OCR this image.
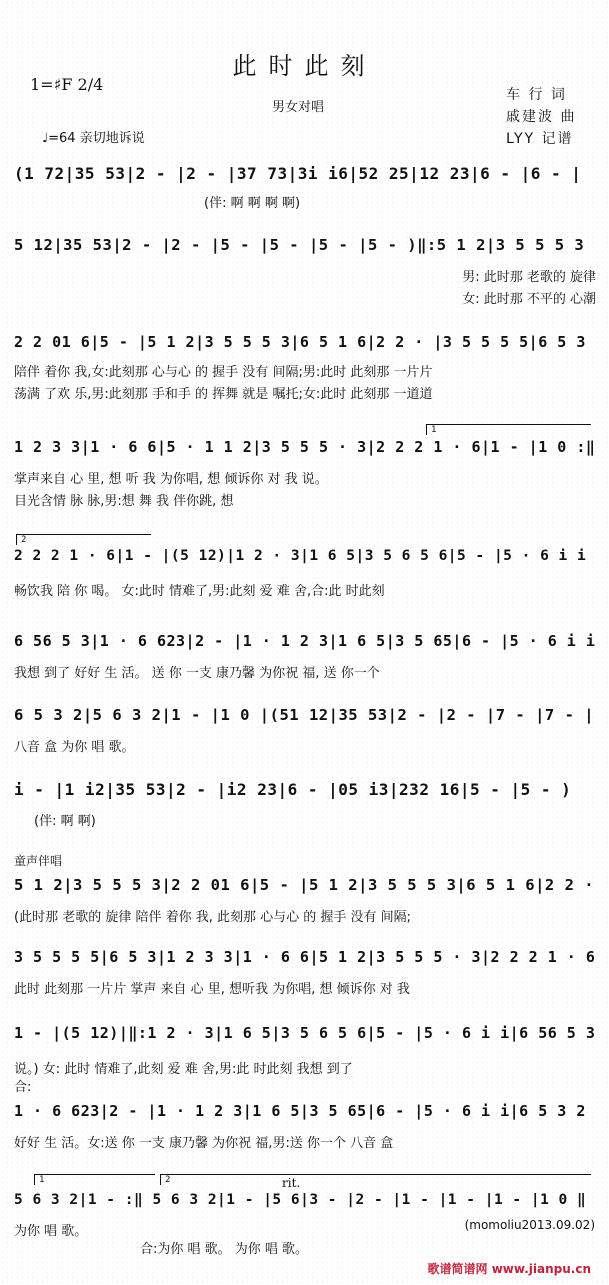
此时此刻
1=♯F 2/4
男女对唱
♩=64 亲切地诉说
车 行 词
戚建波 曲
LYY 记谱
(1 72|35 53|2 - |2 - |37 73|3i i6|52 25|12 23|6 - |6 - |
(伴: 啊 啊 啊 啊)
5 12|35 53|2 - |2 - |5 - |5 - |5 - |5 - )‖:5 1 2|3 5 5 5 3
男: 此时那 老歌的 旋律
女: 此时那 不平的 心潮
2 2 01 6|5 - |5 1 2|3 5 5 5 3|6 5 1 6|2 2 · |3 5 5 5 5|6 5 3
陪伴 着你 我,女:此刻那 心与心 的 握手 没有 间隔;男:此时 此刻那 一片片
荡满 了欢 乐,男:此刻那 手和手 的 挥舞 就是 嘱托;女:此时 此刻那 一道道
1
1 2 3 3|1 · 6 6|5 · 1 1 2|3 5 5 5 · 3|2 2 2 1 · 6|1 - |1 0 :‖
掌声来自 心 里, 想 听 我 为你唱, 想 倾诉你 对 我 说。
目光含情 脉 脉,男:想 舞 我 伴你跳, 想
2
2 2 2 1 · 6|1 - |(5 12)|1 2 · 3|1 6 5|3 5 6 5 6|5 - |5 · 6 i i
畅饮我 陪 你 喝。 女:此时 情难了,男:此刻 爱 难 舍,合:此 时此刻
6 56 5 3|1 · 6 623|2 - |1 · 1 2 3|1 6 5|3 5 65|6 - |5 · 6 i i
我想 到了 好好 生 活。 送 你 一支 康乃馨 为你祝 福, 送 你一个
6 5 3 2|5 6 3 2|1 - |1 0 |(51 12|35 53|2 - |2 - |7 - |7 - |
八音 盒 为你 唱 歌。
i - |1 i2|35 53|2 - |i2 23|6 - |05 i3|232 16|5 - |5 - )
(伴: 啊 啊)
童声伴唱
5 1 2|3 5 5 5 3|2 2 01 6|5 - |5 1 2|3 5 5 5 3|6 5 1 6|2 2 ·
(此时那 老歌的 旋律 陪伴 着你 我, 此刻那 心与心 的 握手 没有 间隔;
3 5 5 5 5|6 5 3|1 2 3 3|1 · 6 6|5 1 2|3 5 5 5 · 3|2 2 2 1 · 6
此时 此刻那 一片片 掌声 来自 心 里, 想听我 为你唱, 想 倾诉你 对 我
1 - |(5 12)|‖:1 2 · 3|1 6 5|3 5 6 5 6|5 - |5 · 6 i i|6 56 5 3
说。) 女: 此时 情难了,此刻 爱 难 舍,男:此 时此刻 我想 到了
合:
1 · 6 623|2 - |1 · 1 2 3|1 6 5|3 5 65|6 - |5 · 6 i i|6 5 3 2
好好 生 活。女:送 你 一支 康乃馨 为你祝 福,男:送 你一个 八音 盒
1	2	rit.
5 6 3 2|1 - :‖ 5 6 3 2|1 - |5 6|3 - |2 - |1 - |1 - |1 - |1 0 ‖
为你 唱 歌。
合:为你 唱 歌。 为你 唱 歌。
(momoliu2013.09.02)
歌谱简谱网 www.jianpu.cn
